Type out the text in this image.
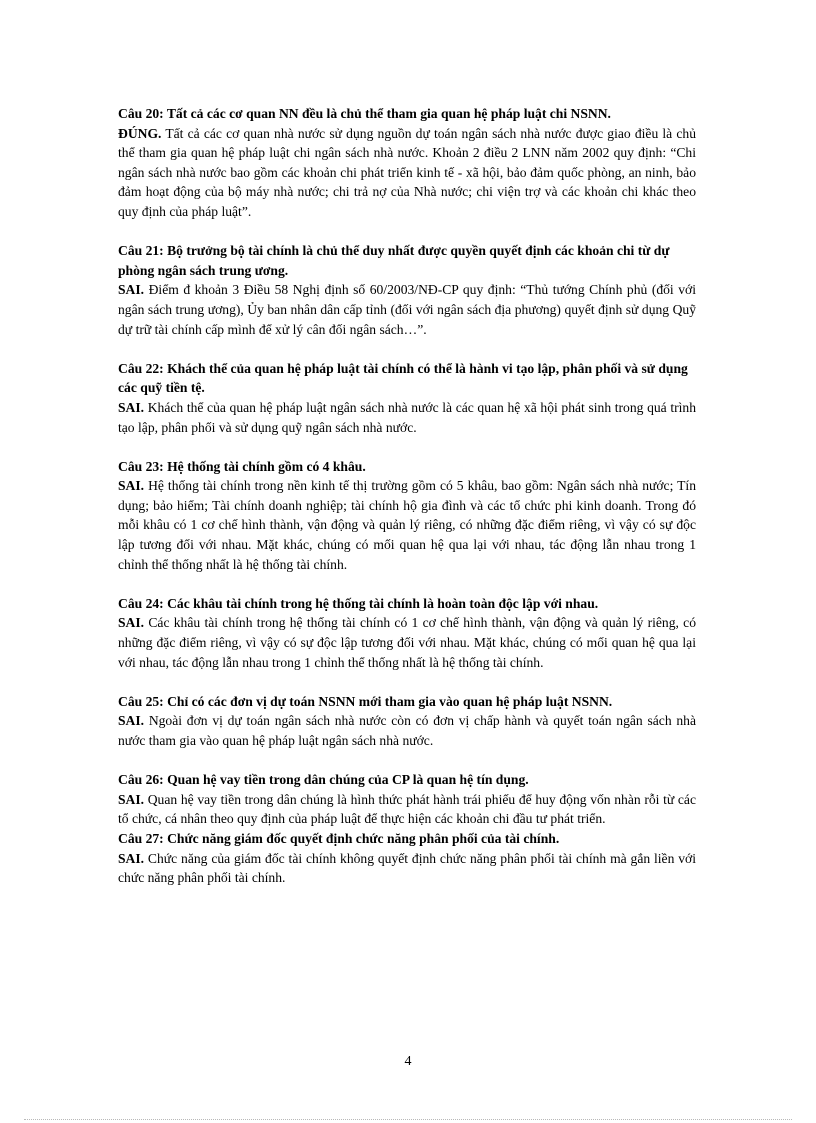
Câu 20: Tất cả các cơ quan NN đều là chủ thể tham gia quan hệ pháp luật chi NSNN.

ĐÚNG. Tất cả các cơ quan nhà nước sử dụng nguồn dự toán ngân sách nhà nước được giao điều là chủ thể tham gia quan hệ pháp luật chi ngân sách nhà nước. Khoản 2 điều 2 LNN năm 2002 quy định: “Chi ngân sách nhà nước bao gồm các khoản chi phát triển kinh tế - xã hội, bảo đảm quốc phòng, an ninh, bảo đảm hoạt động của bộ máy nhà nước; chi trả nợ của Nhà nước; chi viện trợ và các khoản chi khác theo quy định của pháp luật”.

Câu 21: Bộ trưởng bộ tài chính là chủ thể duy nhất được quyền quyết định các khoản chi từ dự phòng ngân sách trung ương.

SAI. Điểm đ khoản 3 Điều 58 Nghị định số 60/2003/NĐ-CP quy định: “Thủ tướng Chính phủ (đối với ngân sách trung ương), Ủy ban nhân dân cấp tỉnh (đối với ngân sách địa phương) quyết định sử dụng Quỹ dự trữ tài chính cấp mình để xử lý cân đối ngân sách…”.

Câu 22: Khách thể của quan hệ pháp luật tài chính có thể là hành vi tạo lập, phân phối và sử dụng các quỹ tiền tệ.

SAI. Khách thể của quan hệ pháp luật ngân sách nhà nước là các quan hệ xã hội phát sinh trong quá trình tạo lập, phân phối và sử dụng quỹ ngân sách nhà nước.

Câu 23: Hệ thống tài chính gồm có 4 khâu.

SAI. Hệ thống tài chính trong nền kinh tế thị trường gồm có 5 khâu, bao gồm: Ngân sách nhà nước; Tín dụng; bảo hiểm; Tài chính doanh nghiệp; tài chính hộ gia đình và các tổ chức phi kinh doanh. Trong đó mỗi khâu có 1 cơ chế hình thành, vận động và quản lý riêng, có những đặc điểm riêng, vì vậy có sự độc lập tương đối với nhau. Mặt khác, chúng có mối quan hệ qua lại với nhau, tác động lẫn nhau trong 1 chỉnh thể thống nhất là hệ thống tài chính.

Câu 24: Các khâu tài chính trong hệ thống tài chính là hoàn toàn độc lập với nhau.

SAI. Các khâu tài chính trong hệ thống tài chính có 1 cơ chế hình thành, vận động và quản lý riêng, có những đặc điểm riêng, vì vậy có sự độc lập tương đối với nhau. Mặt khác, chúng có mối quan hệ qua lại với nhau, tác động lẫn nhau trong 1 chỉnh thể thống nhất là hệ thống tài chính.

Câu 25: Chỉ có các đơn vị dự toán NSNN mới tham gia vào quan hệ pháp luật NSNN.

SAI. Ngoài đơn vị dự toán ngân sách nhà nước còn có đơn vị chấp hành và quyết toán ngân sách nhà nước tham gia vào quan hệ pháp luật ngân sách nhà nước.

Câu 26: Quan hệ vay tiền trong dân chúng của CP là quan hệ tín dụng.

SAI. Quan hệ vay tiền trong dân chúng là hình thức phát hành trái phiếu để huy động vốn nhàn rỗi từ các tổ chức, cá nhân theo quy định của pháp luật để thực hiện các khoản chi đầu tư phát triển.

Câu 27: Chức năng giám đốc quyết định chức năng phân phối của tài chính.

SAI. Chức năng của giám đốc tài chính không quyết định chức năng phân phối tài chính mà gắn liền với chức năng phân phối tài chính.

4
